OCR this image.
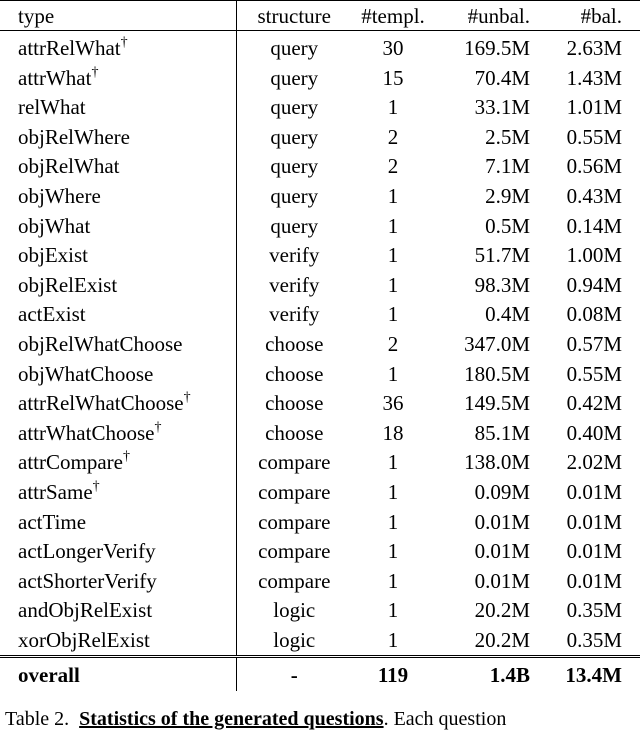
type	structure	#templ.	#unbal.	#bal.
attrRelWhat†	query	30	169.5M	2.63M
attrWhat†	query	15	70.4M	1.43M
relWhat	query	1	33.1M	1.01M
objRelWhere	query	2	2.5M	0.55M
objRelWhat	query	2	7.1M	0.56M
objWhere	query	1	2.9M	0.43M
objWhat	query	1	0.5M	0.14M
objExist	verify	1	51.7M	1.00M
objRelExist	verify	1	98.3M	0.94M
actExist	verify	1	0.4M	0.08M
objRelWhatChoose	choose	2	347.0M	0.57M
objWhatChoose	choose	1	180.5M	0.55M
attrRelWhatChoose†	choose	36	149.5M	0.42M
attrWhatChoose†	choose	18	85.1M	0.40M
attrCompare†	compare	1	138.0M	2.02M
attrSame†	compare	1	0.09M	0.01M
actTime	compare	1	0.01M	0.01M
actLongerVerify	compare	1	0.01M	0.01M
actShorterVerify	compare	1	0.01M	0.01M
andObjRelExist	logic	1	20.2M	0.35M
xorObjRelExist	logic	1	20.2M	0.35M
overall	-	119	1.4B	13.4M
Table 2. Statistics of the generated questions. Each question
